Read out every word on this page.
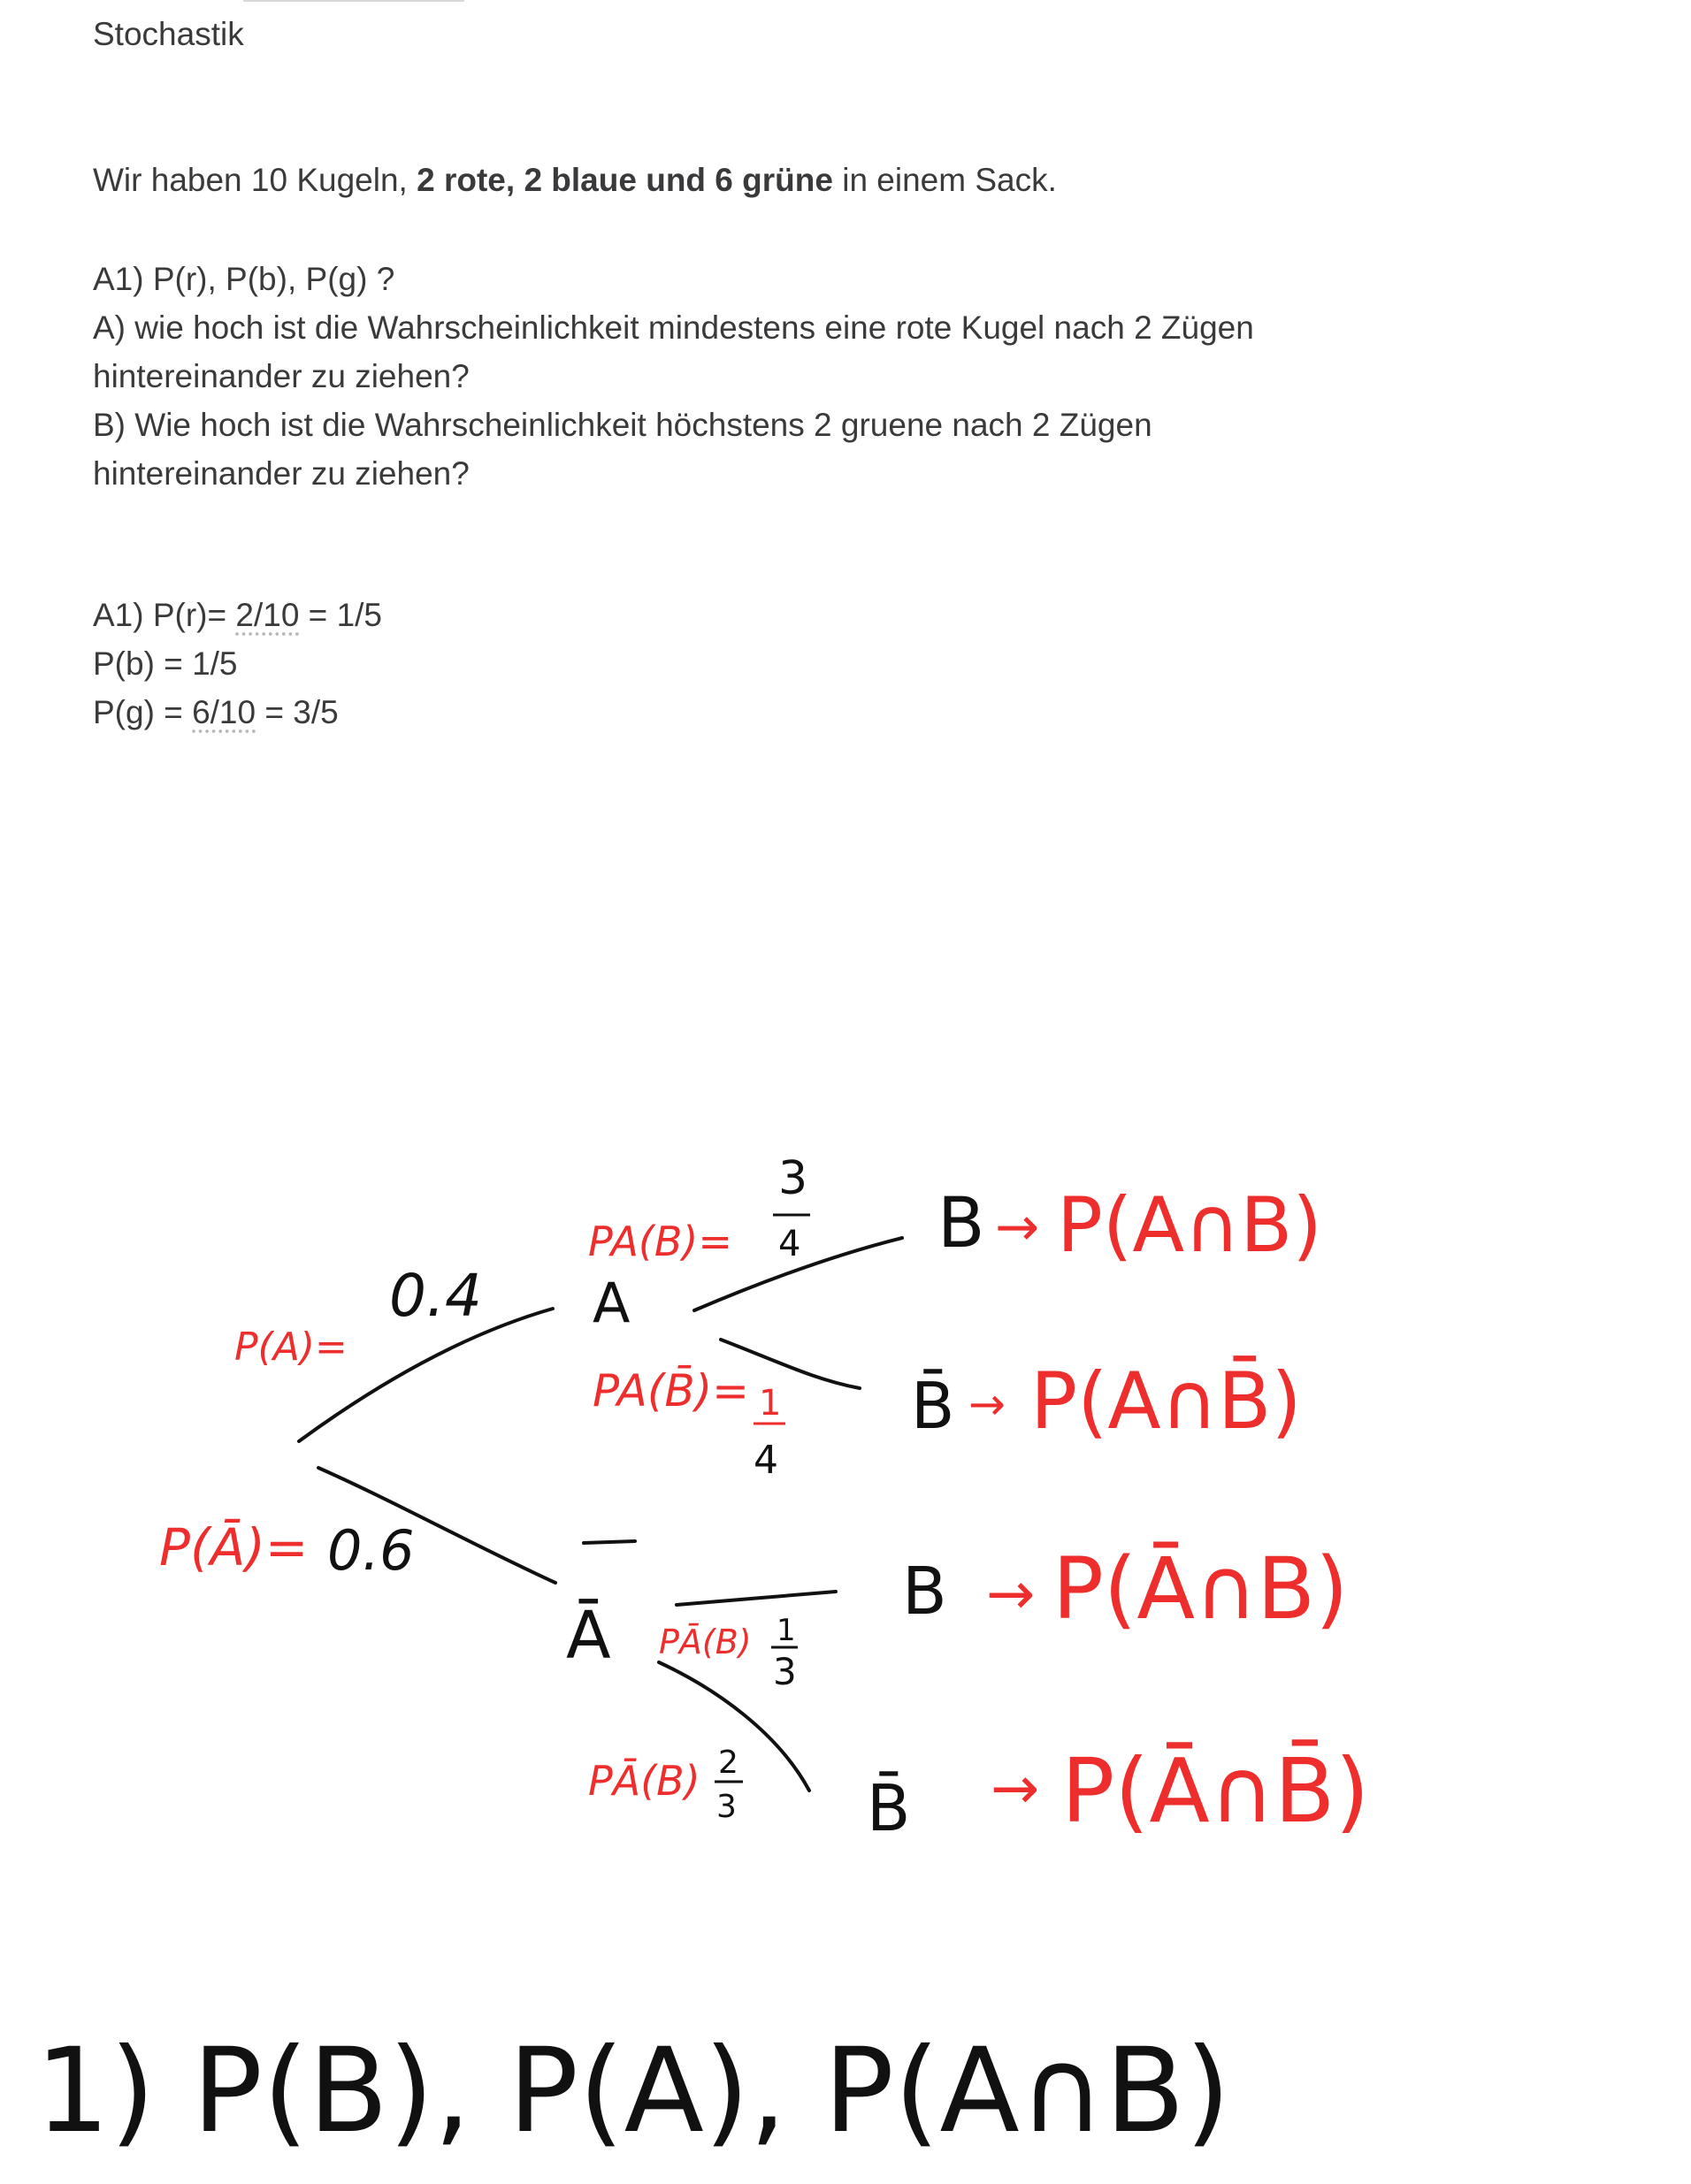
Stochastik
Wir haben 10 Kugeln, 2 rote, 2 blaue und 6 grüne in einem Sack.
A1) P(r), P(b), P(g) ?
A) wie hoch ist die Wahrscheinlichkeit mindestens eine rote Kugel nach 2 Zügen
hintereinander zu ziehen?
B) Wie hoch ist die Wahrscheinlichkeit höchstens 2 gruene nach 2 Zügen
hintereinander zu ziehen?
A1) P(r)= 2/10 = 1/5
P(b) = 1/5
P(g) = 6/10 = 3/5
P(A)=
0.4
P(Ā)= 0.6
PA(B)=
3
4
PA(B̄)= 1
4
PĀ(B) 1
3
PĀ(B) 2
3
A
Ā
B
B̄
B
B̄
→ P(A∩B)
→ P(A∩B̄)
→ P(Ā∩B)
→ P(Ā∩B̄)
1) P(B), P(A), P(A∩B)
